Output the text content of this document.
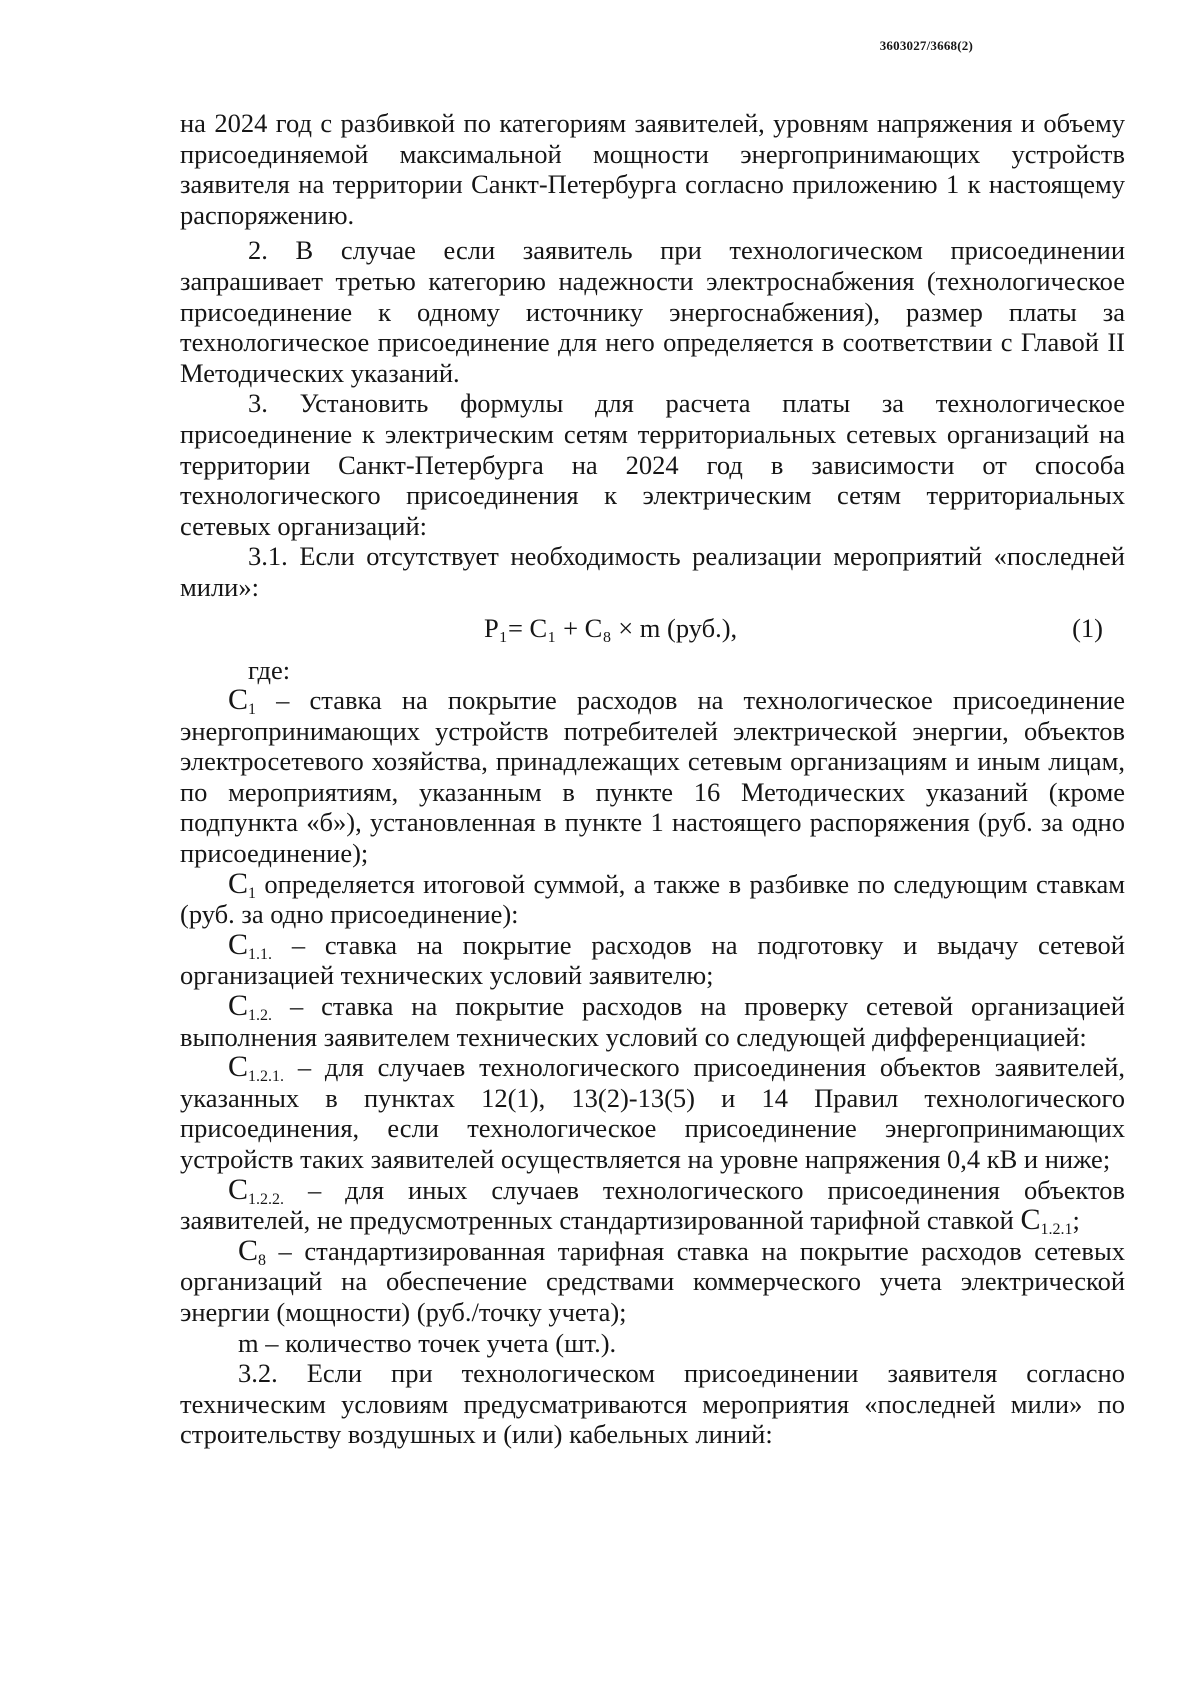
3603027/3668(2)

на 2024 год с разбивкой по категориям заявителей, уровням напряжения и объему присоединяемой максимальной мощности энергопринимающих устройств заявителя на территории Санкт-Петербурга согласно приложению 1 к настоящему распоряжению.

2. В случае если заявитель при технологическом присоединении запрашивает третью категорию надежности электроснабжения (технологическое присоединение к одному источнику энергоснабжения), размер платы за технологическое присоединение для него определяется в соответствии с Главой II Методических указаний.

3. Установить формулы для расчета платы за технологическое присоединение к электрическим сетям территориальных сетевых организаций на территории Санкт-Петербурга на 2024 год в зависимости от способа технологического присоединения к электрическим сетям территориальных сетевых организаций:

3.1. Если отсутствует необходимость реализации мероприятий «последней мили»:

P₁= C₁ + C₈ × m (руб.),	(1)

где:

$C_1$ – ставка на покрытие расходов на технологическое присоединение энергопринимающих устройств потребителей электрической энергии, объектов электросетевого хозяйства, принадлежащих сетевым организациям и иным лицам, по мероприятиям, указанным в пункте 16 Методических указаний (кроме подпункта «б»), установленная в пункте 1 настоящего распоряжения (руб. за одно присоединение);

$C_1$ определяется итоговой суммой, а также в разбивке по следующим ставкам (руб. за одно присоединение):

$C_{1.1.}$ – ставка на покрытие расходов на подготовку и выдачу сетевой организацией технических условий заявителю;

$C_{1.2.}$ – ставка на покрытие расходов на проверку сетевой организацией выполнения заявителем технических условий со следующей дифференциацией:

$C_{1.2.1.}$ – для случаев технологического присоединения объектов заявителей, указанных в пунктах 12(1), 13(2)-13(5) и 14 Правил технологического присоединения, если технологическое присоединение энергопринимающих устройств таких заявителей осуществляется на уровне напряжения 0,4 кВ и ниже;

$C_{1.2.2.}$ – для иных случаев технологического присоединения объектов заявителей, не предусмотренных стандартизированной тарифной ставкой $C_{1.2.1}$;

$C_8$ – стандартизированная тарифная ставка на покрытие расходов сетевых организаций на обеспечение средствами коммерческого учета электрической энергии (мощности) (руб./точку учета);

m – количество точек учета (шт.).

3.2. Если при технологическом присоединении заявителя согласно техническим условиям предусматриваются мероприятия «последней мили» по строительству воздушных и (или) кабельных линий:
